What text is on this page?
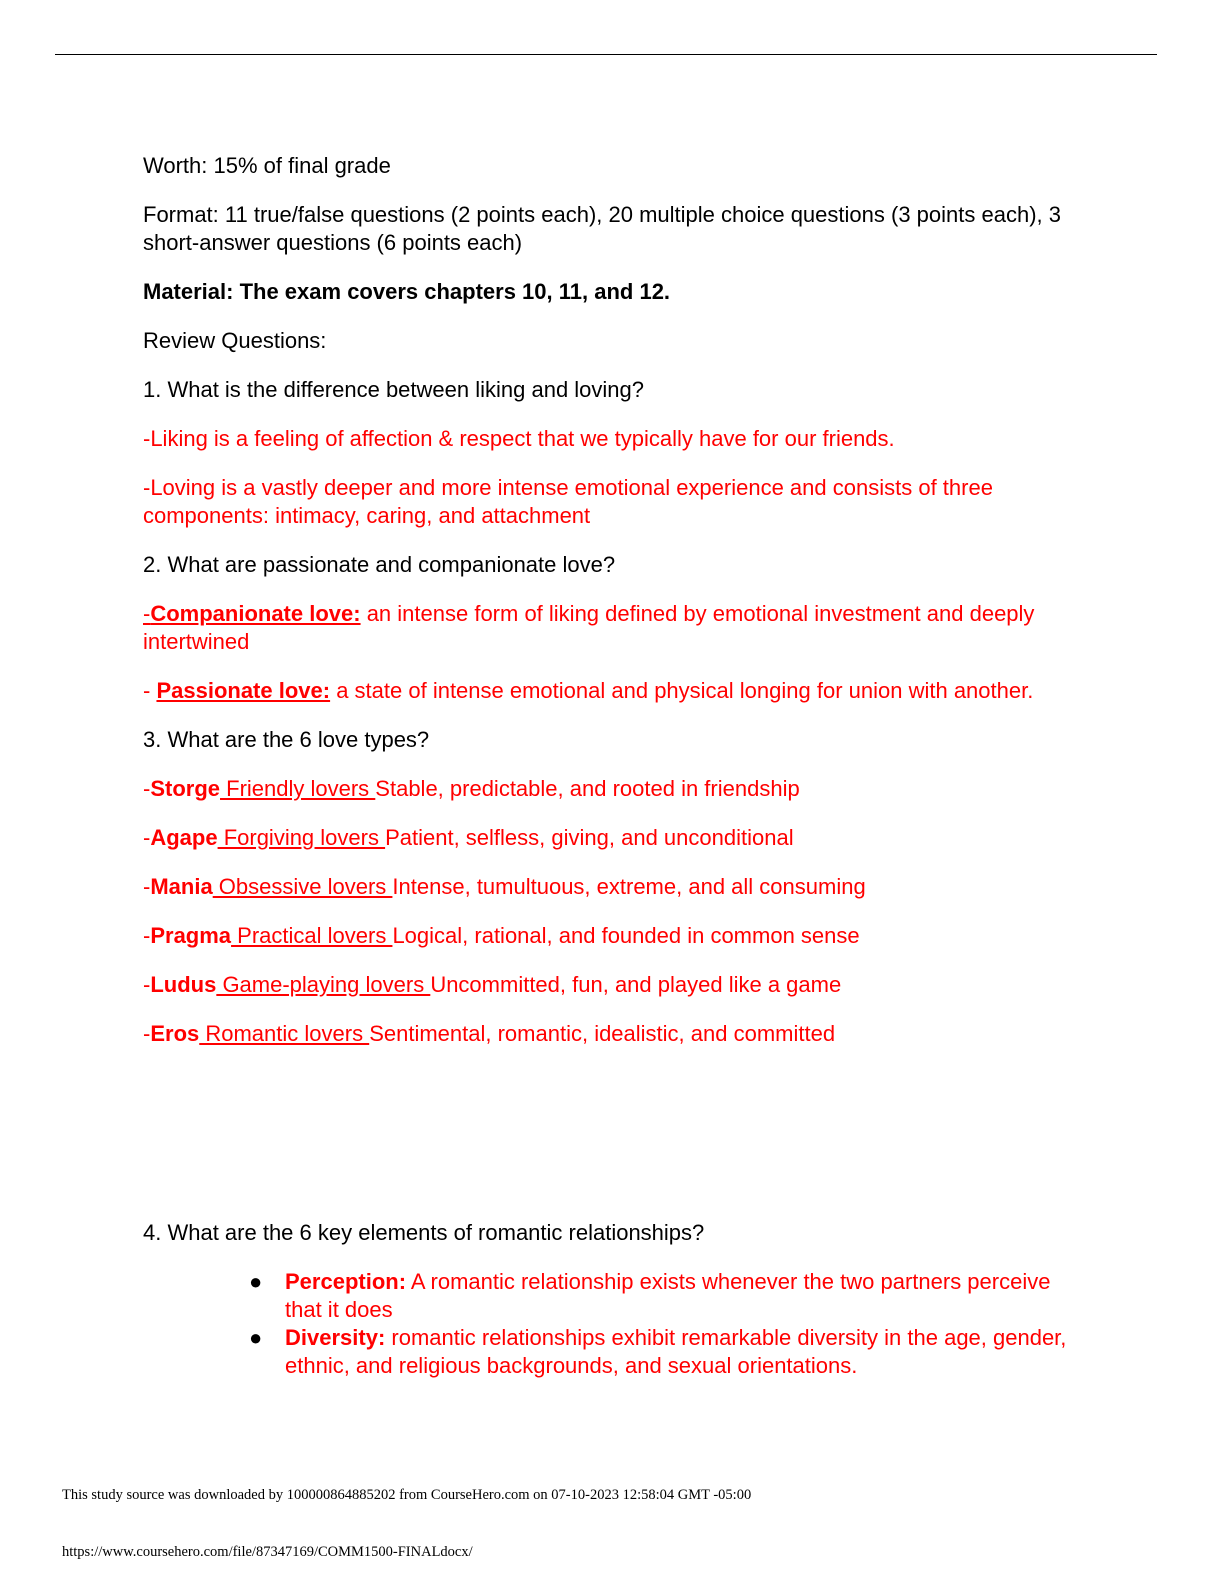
Worth: 15% of final grade

Format: 11 true/false questions (2 points each), 20 multiple choice questions (3 points each), 3 short-answer questions (6 points each)

Material: The exam covers chapters 10, 11, and 12.

Review Questions:

1. What is the difference between liking and loving?

-Liking is a feeling of affection & respect that we typically have for our friends.

-Loving is a vastly deeper and more intense emotional experience and consists of three components: intimacy, caring, and attachment

2. What are passionate and companionate love?

-Companionate love: an intense form of liking defined by emotional investment and deeply intertwined

- Passionate love: a state of intense emotional and physical longing for union with another.

3. What are the 6 love types?

-Storge Friendly lovers Stable, predictable, and rooted in friendship

-Agape Forgiving lovers Patient, selfless, giving, and unconditional

-Mania Obsessive lovers Intense, tumultuous, extreme, and all consuming

-Pragma Practical lovers Logical, rational, and founded in common sense

-Ludus Game-playing lovers Uncommitted, fun, and played like a game

-Eros Romantic lovers Sentimental, romantic, idealistic, and committed

4. What are the 6 key elements of romantic relationships?

● Perception: A romantic relationship exists whenever the two partners perceive that it does
● Diversity: romantic relationships exhibit remarkable diversity in the age, gender, ethnic, and religious backgrounds, and sexual orientations.
This study source was downloaded by 100000864885202 from CourseHero.com on 07-10-2023 12:58:04 GMT -05:00
https://www.coursehero.com/file/87347169/COMM1500-FINALdocx/
